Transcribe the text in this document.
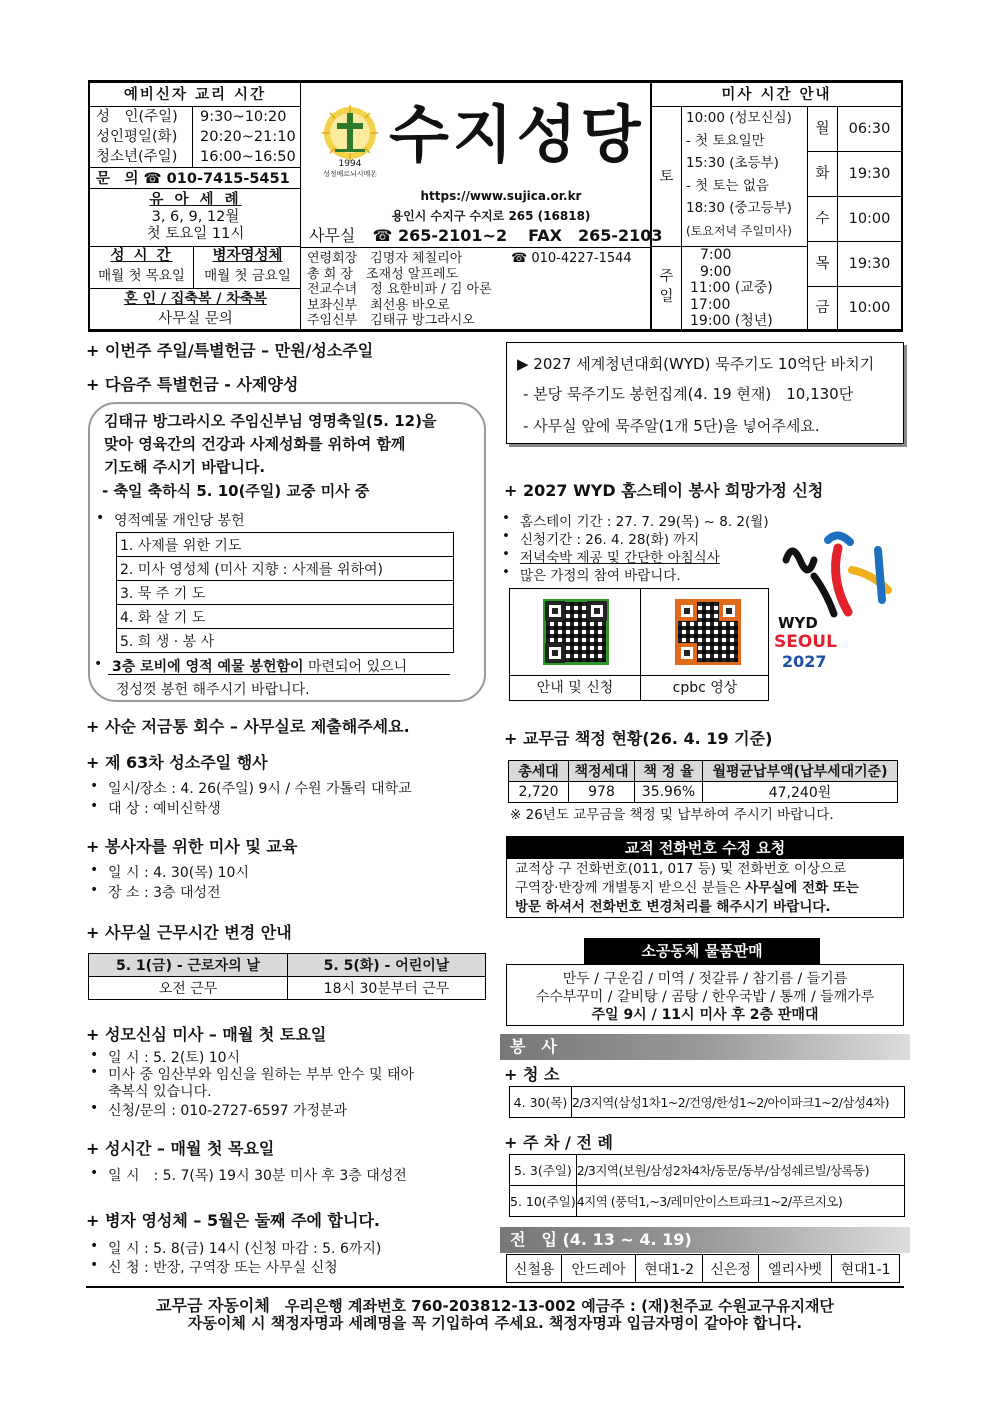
예비신자 교리 시간
성　인(주일) 9:30~10:20
성인평일(화) 20:20~21:10
청소년(주일) 16:00~16:50
문　의 ☎ 010-7415-5451
유 아 세 례
3, 6, 9, 12월
첫 토요일 11시
성 시 간
매월 첫 목요일
병자영성체
매월 첫 금요일
혼 인 / 집축복 / 차축복
사무실 문의
1994
성정베르뇌시메온
수지성당
https://www.sujica.or.kr
용인시 수지구 수지로 265 (16818)
사무실 ☎ 265-2101~2 FAX　265-2103
연령회장　 김명자 체칠리아
총 회 장　 조재성 알프레도
전교수녀　 정 요한비파 / 김 아론
보좌신부　 최선용 바오로
주임신부　 김태규 방그라시오
☎ 010-4227-1544
미사 시간 안내
토
10:00 (성모신심)
- 첫 토요일만
15:30 (초등부)
- 첫 토는 없음
18:30 (중고등부)
(토요저녁 주일미사)
주
일
7:00
9:00
11:00 (교중)
17:00
19:00 (청년)
월	06:30
화	19:30
수	10:00
목	19:30
금	10:00
+ 이번주 주일/특별헌금 – 만원/성소주일
+ 다음주 특별헌금 - 사제양성
김태규 방그라시오 주임신부님 영명축일(5. 12)을
맞아 영육간의 건강과 사제성화를 위하여 함께
기도해 주시기 바랍니다.
- 축일 축하식 5. 10(주일) 교중 미사 중
• 영적예물 개인당 봉헌
1. 사제를 위한 기도
2. 미사 영성체 (미사 지향 : 사제를 위하여)
3. 묵 주 기 도
4. 화 살 기 도
5. 희 생 · 봉 사
• 3층 로비에 영적 예물 봉헌함이 마련되어 있으니
정성껏 봉헌 해주시기 바랍니다.
+ 사순 저금통 회수 – 사무실로 제출해주세요.
+ 제 63차 성소주일 행사
• 일시/장소 : 4. 26(주일) 9시 / 수원 가톨릭 대학교
• 대 상 : 예비신학생
+ 봉사자를 위한 미사 및 교육
• 일 시 : 4. 30(목) 10시
• 장 소 : 3층 대성전
+ 사무실 근무시간 변경 안내
5. 1(금) - 근로자의 날	5. 5(화) - 어린이날
오전 근무	18시 30분부터 근무
+ 성모신심 미사 – 매월 첫 토요일
• 일 시 : 5. 2(토) 10시
• 미사 중 임산부와 임신을 원하는 부부 안수 및 태아
축복식 있습니다.
• 신청/문의 : 010-2727-6597 가정분과
+ 성시간 – 매월 첫 목요일
• 일 시　: 5. 7(목) 19시 30분 미사 후 3층 대성전
+ 병자 영성체 – 5월은 둘째 주에 합니다.
• 일 시 : 5. 8(금) 14시 (신청 마감 : 5. 6까지)
• 신 청 : 반장, 구역장 또는 사무실 신청
▶ 2027 세계청년대회(WYD) 묵주기도 10억단 바치기
- 본당 묵주기도 봉헌집계(4. 19 현재)　10,130단
- 사무실 앞에 묵주알(1개 5단)을 넣어주세요.
+ 2027 WYD 홈스테이 봉사 희망가정 신청
• 홈스테이 기간 : 27. 7. 29(목) ~ 8. 2(월)
• 신청기간 : 26. 4. 28(화) 까지
• 저녁숙박 제공 및 간단한 아침식사
• 많은 가정의 참여 바랍니다.
안내 및 신청	cpbc 영상
WYD
SEOUL
2027
+ 교무금 책정 현황(26. 4. 19 기준)
총세대	책정세대	책 정 율	월평균납부액(납부세대기준)
2,720	978	35.96%	47,240원
※ 26년도 교무금을 책정 및 납부하여 주시기 바랍니다.
교적 전화번호 수정 요청
교적상 구 전화번호(011, 017 등) 및 전화번호 이상으로
구역장·반장께 개별통지 받으신 분들은 사무실에 전화 또는
방문 하셔서 전화번호 변경처리를 해주시기 바랍니다.
소공동체 물품판매
만두 / 구운김 / 미역 / 젓갈류 / 참기름 / 들기름
수수부꾸미 / 갈비탕 / 곰탕 / 한우국밥 / 통깨 / 들깨가루
주일 9시 / 11시 미사 후 2층 판매대
봉　사
+ 청 소
4. 30(목)	2/3지역(삼성1차1~2/건영/한성1~2/아이파크1~2/삼성4차)
+ 주 차 / 전 례
5. 3(주일)	2/3지역(보원/삼성2차4차/동문/동부/삼성쉐르빌/상록동)
5. 10(주일)	4지역 (풍덕1,~3/레미안이스트파크1~2/푸르지오)
전　입 (4. 13 ~ 4. 19)
신철용	안드레아	현대1-2	신은정	엘리사벳	현대1-1
교무금 자동이체　우리은행 계좌번호 760-203812-13-002 예금주 : (재)천주교 수원교구유지재단
자동이체 시 책정자명과 세례명을 꼭 기입하여 주세요. 책정자명과 입금자명이 같아야 합니다.
